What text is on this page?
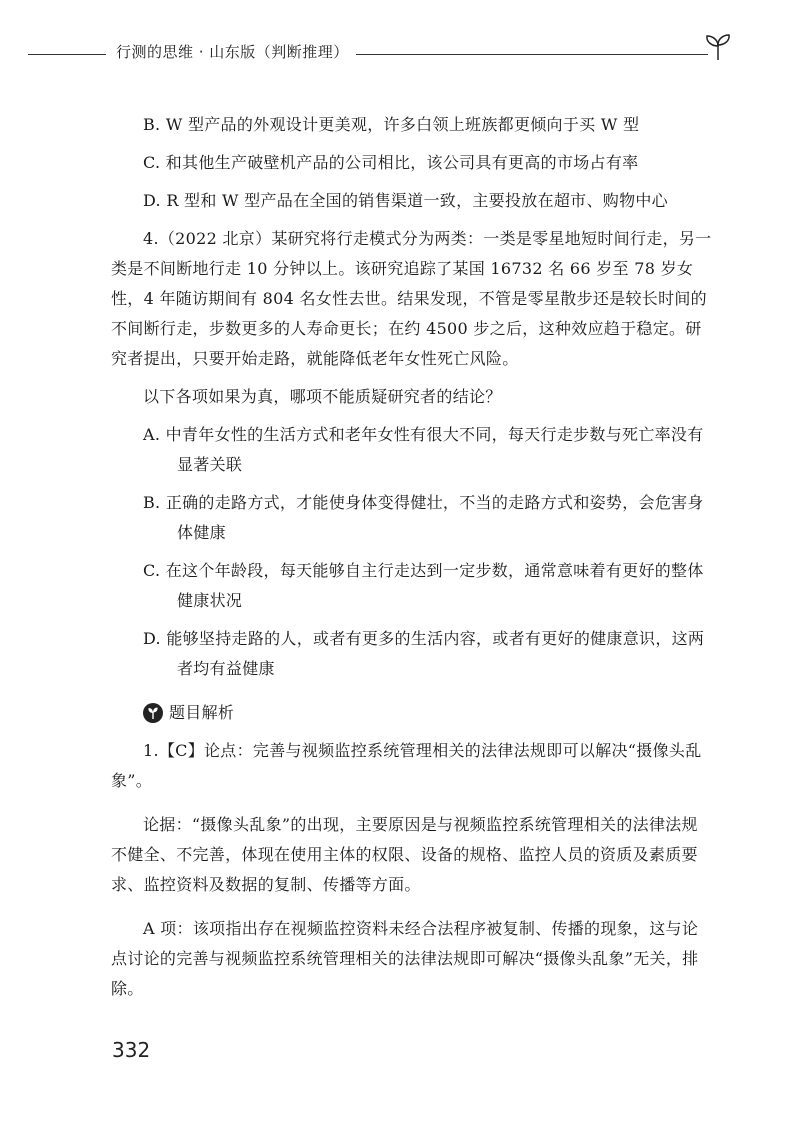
行测的思维 · 山东版（判断推理）

B. W 型产品的外观设计更美观，许多白领上班族都更倾向于买 W 型

C. 和其他生产破壁机产品的公司相比，该公司具有更高的市场占有率

D. R 型和 W 型产品在全国的销售渠道一致，主要投放在超市、购物中心

4.（2022 北京）某研究将行走模式分为两类：一类是零星地短时间行走，另一类是不间断地行走 10 分钟以上。该研究追踪了某国 16732 名 66 岁至 78 岁女性，4 年随访期间有 804 名女性去世。结果发现，不管是零星散步还是较长时间的不间断行走，步数更多的人寿命更长；在约 4500 步之后，这种效应趋于稳定。研究者提出，只要开始走路，就能降低老年女性死亡风险。

以下各项如果为真，哪项不能质疑研究者的结论？

A. 中青年女性的生活方式和老年女性有很大不同，每天行走步数与死亡率没有显著关联

B. 正确的走路方式，才能使身体变得健壮，不当的走路方式和姿势，会危害身体健康

C. 在这个年龄段，每天能够自主行走达到一定步数，通常意味着有更好的整体健康状况

D. 能够坚持走路的人，或者有更多的生活内容，或者有更好的健康意识，这两者均有益健康

题目解析

1.【C】论点：完善与视频监控系统管理相关的法律法规即可以解决“摄像头乱象”。

论据：“摄像头乱象”的出现，主要原因是与视频监控系统管理相关的法律法规不健全、不完善，体现在使用主体的权限、设备的规格、监控人员的资质及素质要求、监控资料及数据的复制、传播等方面。

A 项：该项指出存在视频监控资料未经合法程序被复制、传播的现象，这与论点讨论的完善与视频监控系统管理相关的法律法规即可解决“摄像头乱象”无关，排除。

332
